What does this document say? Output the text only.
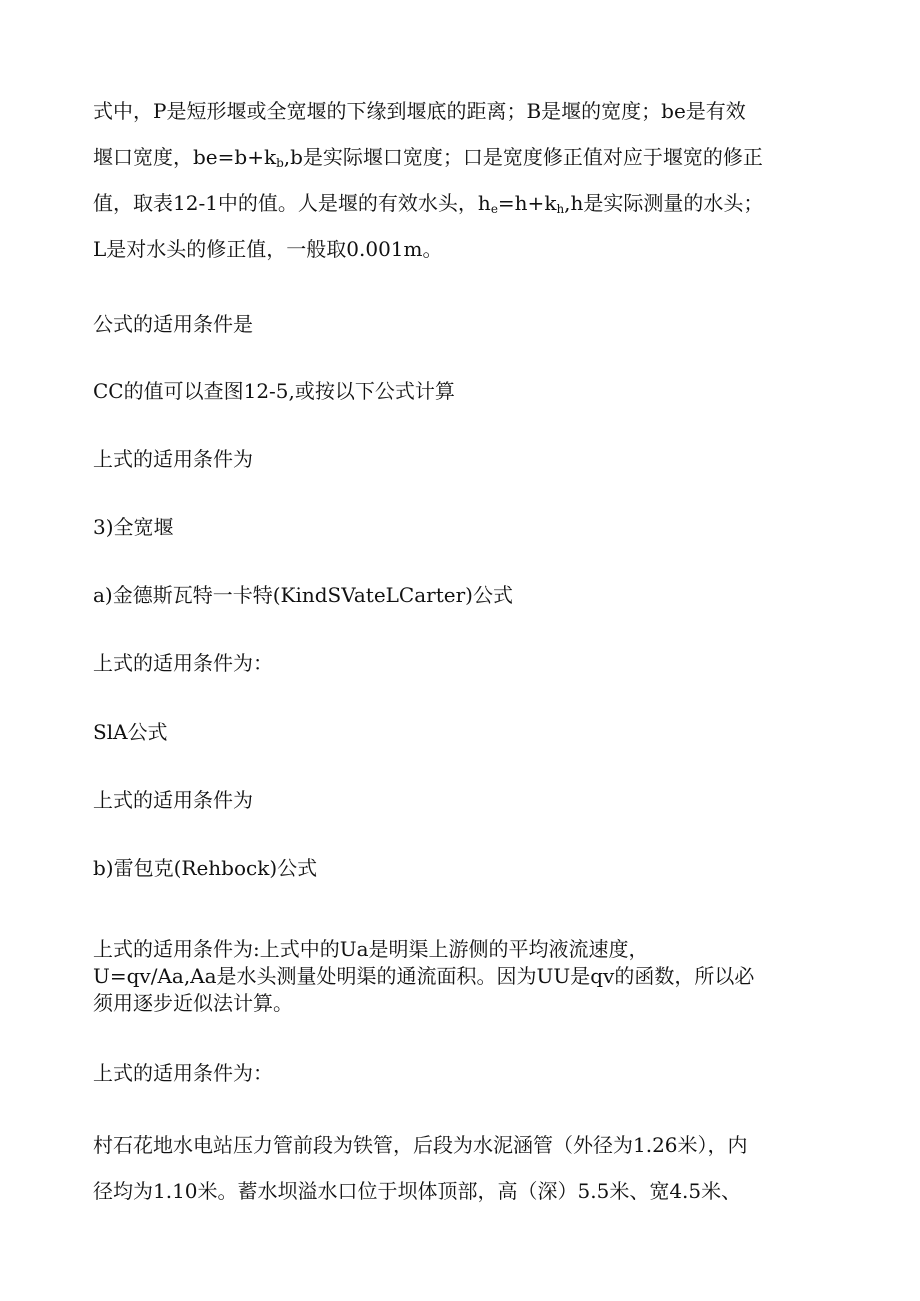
式中，P是短形堰或全宽堰的下缘到堰底的距离；B是堰的宽度；be是有效
堰口宽度，$be=b+k_b,b$是实际堰口宽度；口是宽度修正值对应于堰宽的修正
值，取表12-1中的值。人是堰的有效水头，$h_e=h+k_h,h$是实际测量的水头；
L是对水头的修正值，一般取0.001m。
公式的适用条件是
CC的值可以查图12-5,或按以下公式计算
上式的适用条件为
3)全宽堰
a)金德斯瓦特一卡特(KindSVateLCarter)公式
上式的适用条件为：
SlA公式
上式的适用条件为
b)雷包克(Rehbock)公式
上式的适用条件为:上式中的Ua是明渠上游侧的平均液流速度，
U=qv/Aa,Aa是水头测量处明渠的通流面积。因为UU是qv的函数，所以必
须用逐步近似法计算。
上式的适用条件为：
村石花地水电站压力管前段为铁管，后段为水泥涵管（外径为1.26米），内
径均为1.10米。蓄水坝溢水口位于坝体顶部，高（深）5.5米、宽4.5米、
